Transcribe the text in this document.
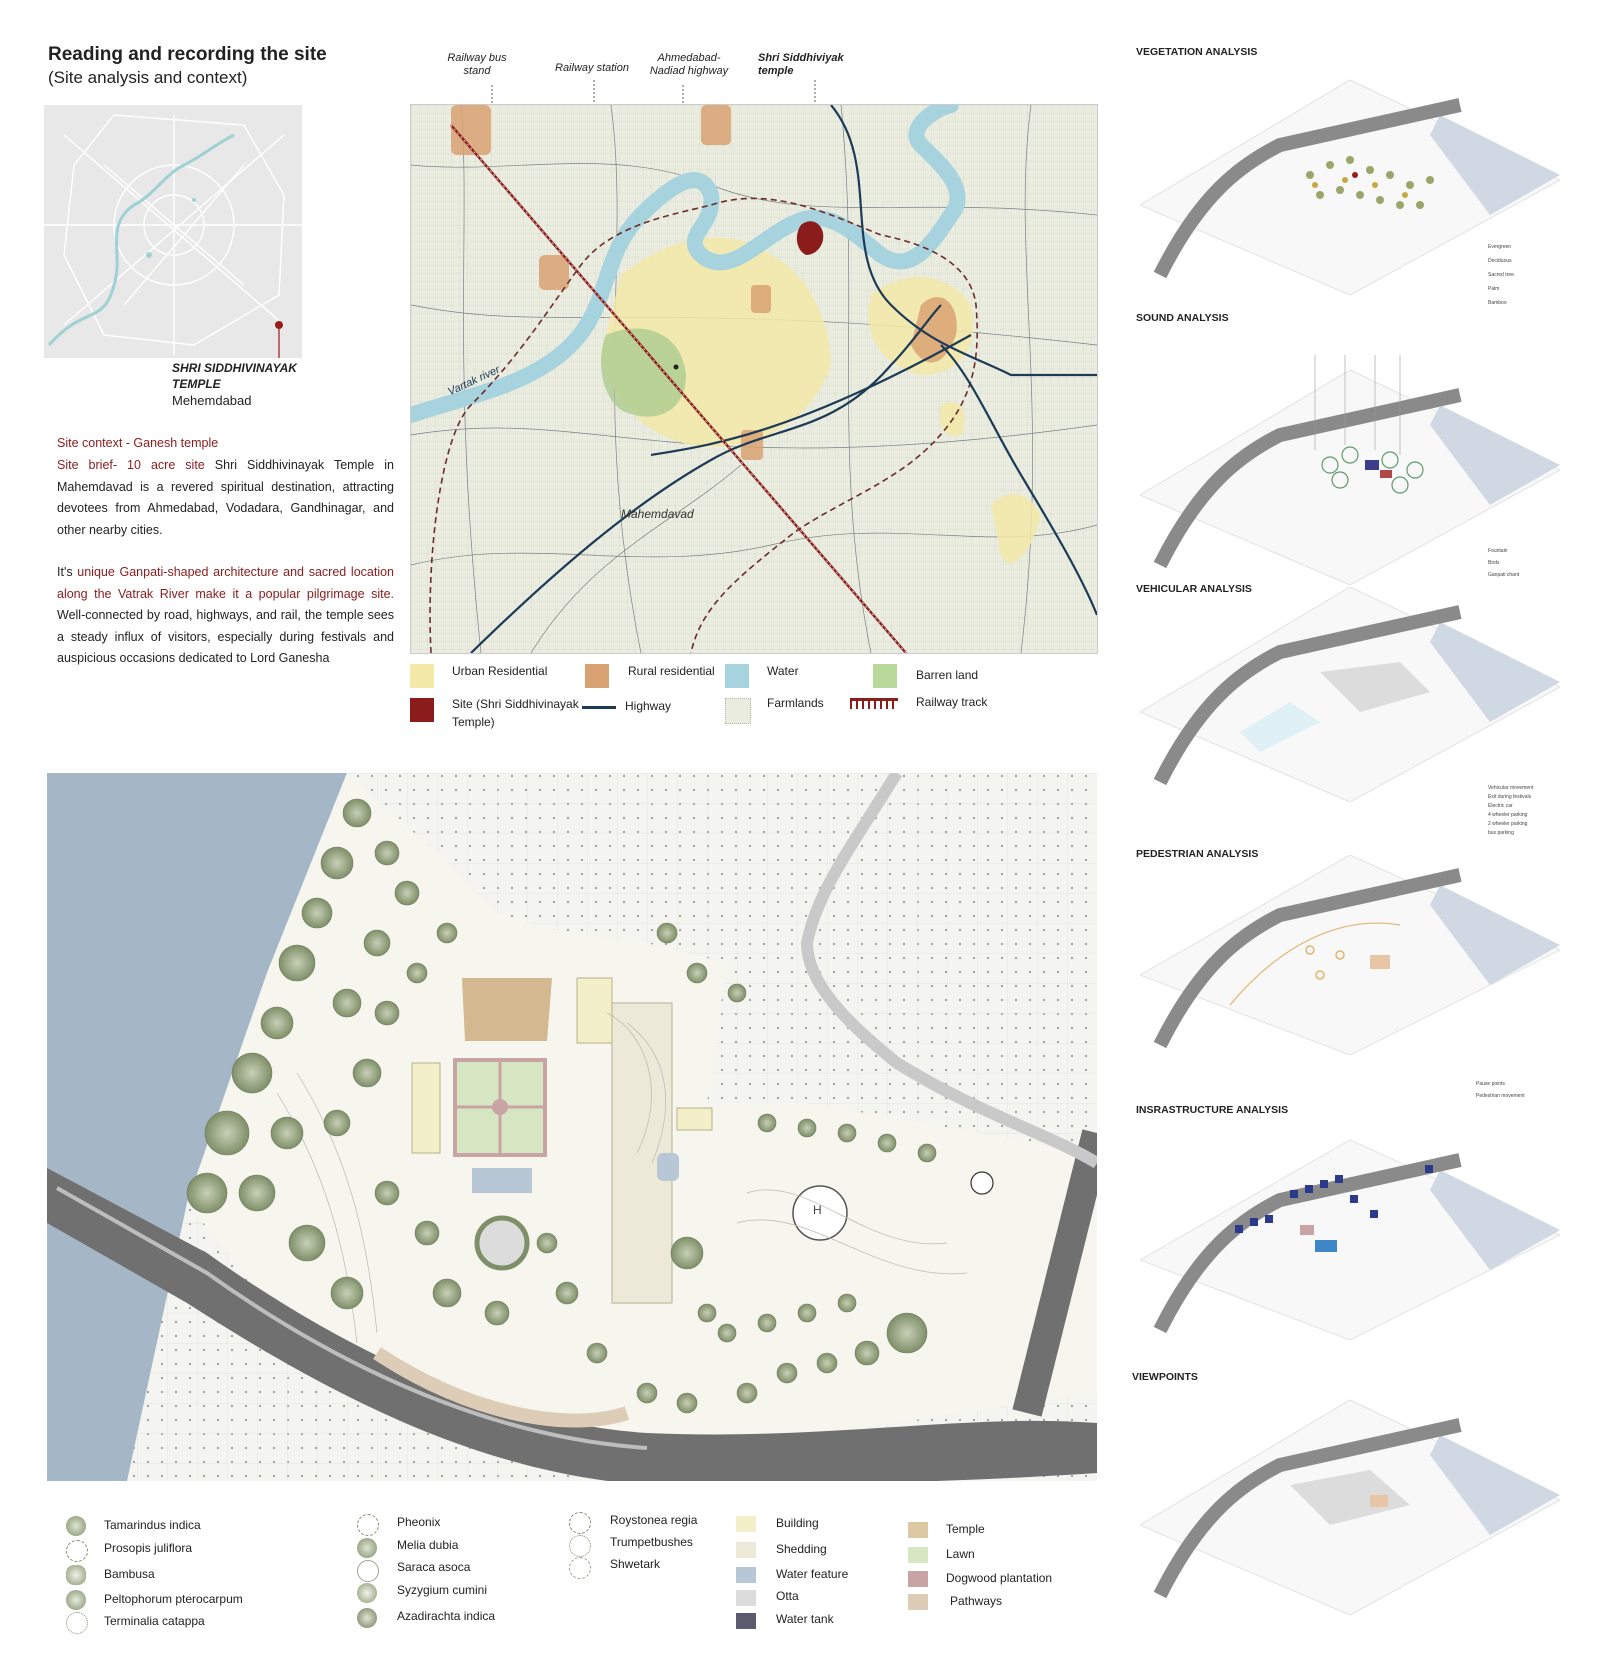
Reading and recording the site
(Site analysis and context)
SHRI SIDDHIVINAYAK TEMPLE
Mehemdabad
Site context - Ganesh temple
Site brief- 10 acre site Shri Siddhivinayak Temple in Mahemdavad is a revered spiritual destination, attracting devotees from Ahmedabad, Vodadara, Gandhinagar, and other nearby cities.
It's unique Ganpati-shaped architecture and sacred location along the Vatrak River make it a popular pilgrimage site. Well-connected by road, highways, and rail, the temple sees a steady influx of visitors, especially during festivals and auspicious occasions dedicated to Lord Ganesha
Railway bus stand	Railway station
Ahmedabad- Nadiad highway
Shri Siddhiviyak temple
Vartak river
Mahemdavad
Urban Residential	Rural residential	Water	Barren land
Site (Shri Siddhivinayak Temple)
Highway	Farmlands	Railway track
H
VEGETATION ANALYSIS
SOUND ANALYSIS
VEHICULAR ANALYSIS
PEDESTRIAN ANALYSIS
INSRASTRUCTURE ANALYSIS
VIEWPOINTS
Evergreen
Deciduous
Sacred tree
Palm
Bamboo
Fountain
Birds
Ganpati chant
Vehicular movement
Exit during festivals
Electric car
4 wheeler parking
2 wheeler parking
bus parking
Pause points
Pedestrian movement
Tamarindus indica
Prosopis juliflora
Bambusa
Peltophorum pterocarpum
Terminalia catappa
Pheonix
Melia dubia
Saraca asoca
Syzygium cumini
Azadirachta indica
Roystonea regia
Trumpetbushes
Shwetark
Building
Shedding
Water feature
Otta
Water tank
Temple
Lawn
Dogwood plantation
Pathways
